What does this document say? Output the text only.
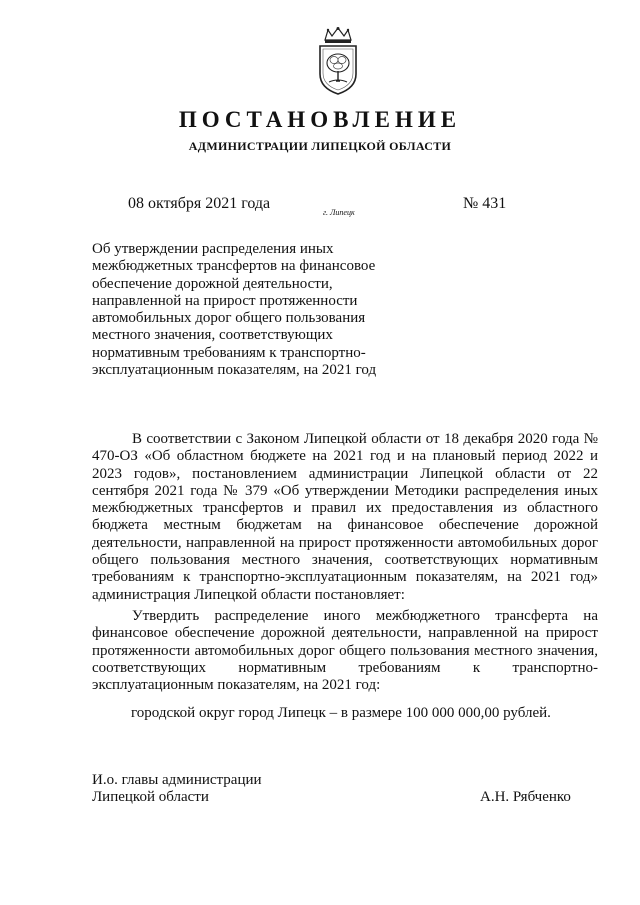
ПОСТАНОВЛЕНИЕ
АДМИНИСТРАЦИИ ЛИПЕЦКОЙ ОБЛАСТИ
08 октября 2021 года
г. Липецк
№ 431
Об утверждении распределения иных
межбюджетных трансфертов на финансовое
обеспечение дорожной деятельности,
направленной на прирост протяженности
автомобильных дорог общего пользования
местного значения, соответствующих
нормативным требованиям к транспортно-
эксплуатационным показателям, на 2021 год
В соответствии с Законом Липецкой области от 18 декабря 2020 года № 470-ОЗ «Об областном бюджете на 2021 год и на плановый период 2022 и 2023 годов», постановлением администрации Липецкой области от 22 сентября 2021 года № 379 «Об утверждении Методики распределения иных межбюджетных трансфертов и правил их предоставления из областного бюджета местным бюджетам на финансовое обеспечение дорожной деятельности, направленной на прирост протяженности автомобильных дорог общего пользования местного значения, соответствующих нормативным требованиям к транспортно-эксплуатационным показателям, на 2021 год» администрация Липецкой области постановляет:
Утвердить распределение иного межбюджетного трансферта на финансовое обеспечение дорожной деятельности, направленной на прирост протяженности автомобильных дорог общего пользования местного значения, соответствующих нормативным требованиям к транспортно-эксплуатационным показателям, на 2021 год:
городской округ город Липецк – в размере 100 000 000,00 рублей.
И.о. главы администрации
Липецкой области	А.Н. Рябченко
